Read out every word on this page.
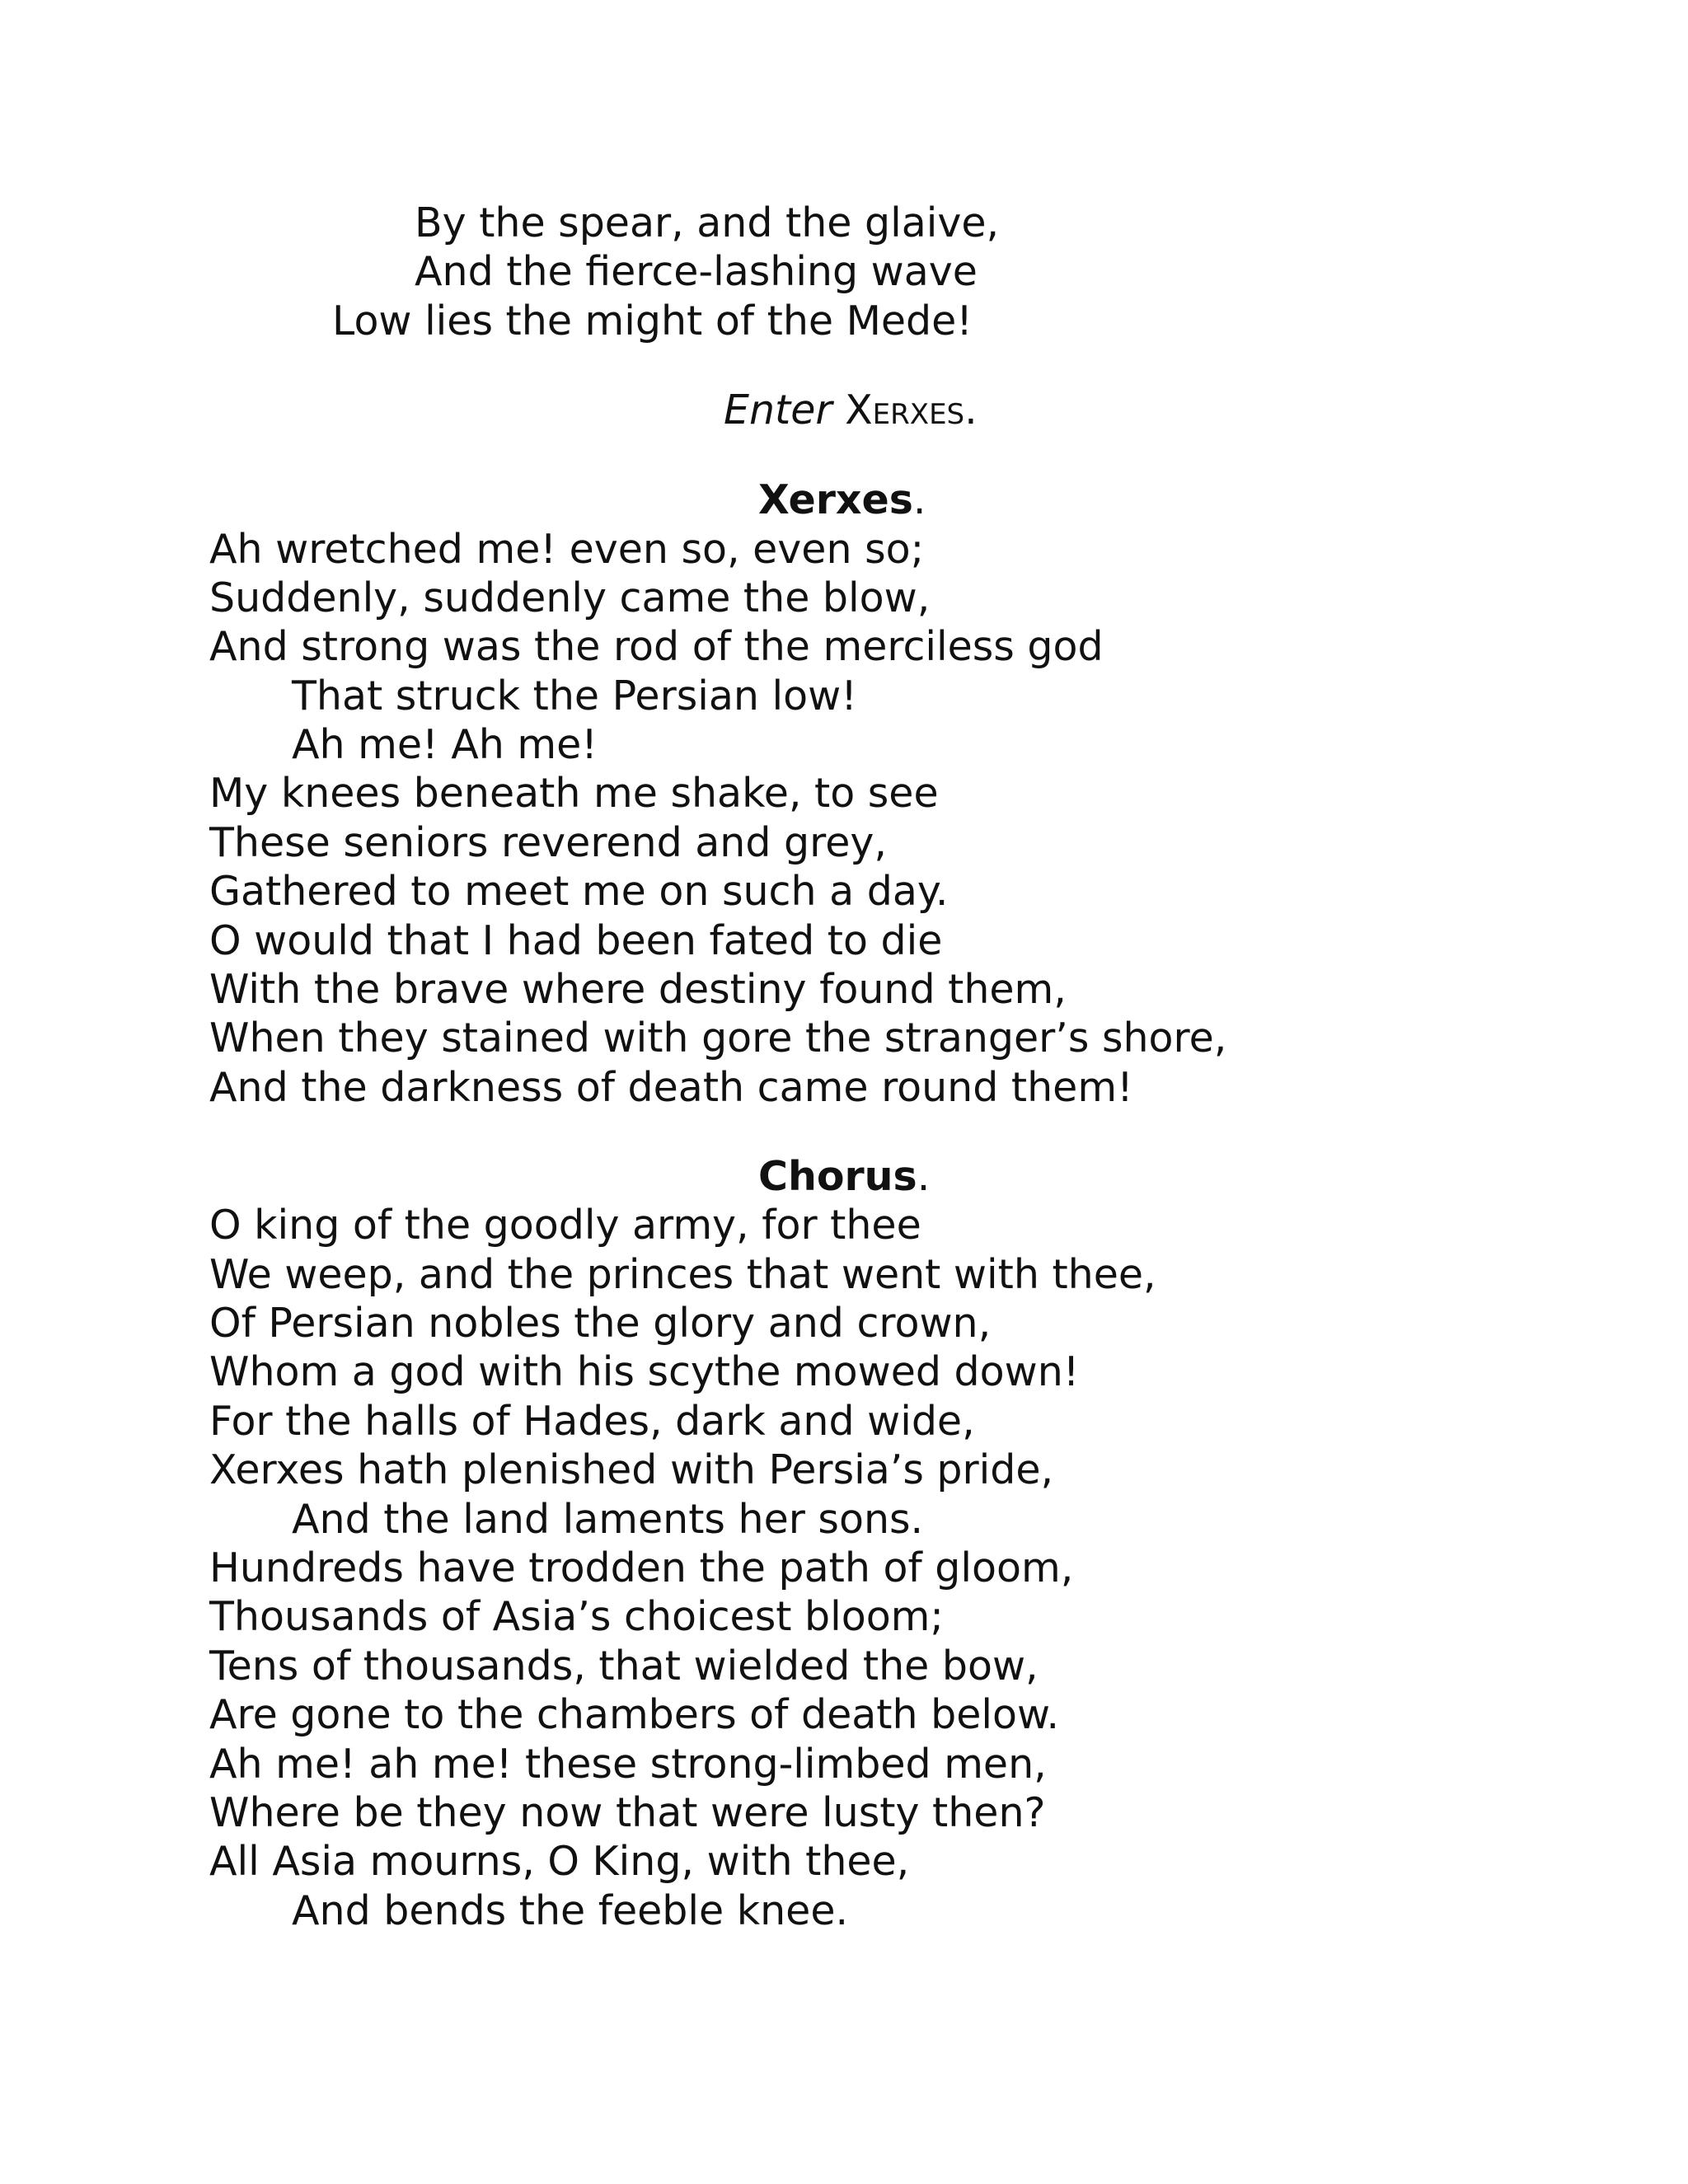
By the spear, and the glaive,
And the fierce-lashing wave
Low lies the might of the Mede!
Enter Xerxes.
Xerxes.
Ah wretched me! even so, even so;
Suddenly, suddenly came the blow,
And strong was the rod of the merciless god
That struck the Persian low!
Ah me! Ah me!
My knees beneath me shake, to see
These seniors reverend and grey,
Gathered to meet me on such a day.
O would that I had been fated to die
With the brave where destiny found them,
When they stained with gore the stranger’s shore,
And the darkness of death came round them!
Chorus.
O king of the goodly army, for thee
We weep, and the princes that went with thee,
Of Persian nobles the glory and crown,
Whom a god with his scythe mowed down!
For the halls of Hades, dark and wide,
Xerxes hath plenished with Persia’s pride,
And the land laments her sons.
Hundreds have trodden the path of gloom,
Thousands of Asia’s choicest bloom;
Tens of thousands, that wielded the bow,
Are gone to the chambers of death below.
Ah me! ah me! these strong-limbed men,
Where be they now that were lusty then?
All Asia mourns, O King, with thee,
And bends the feeble knee.
